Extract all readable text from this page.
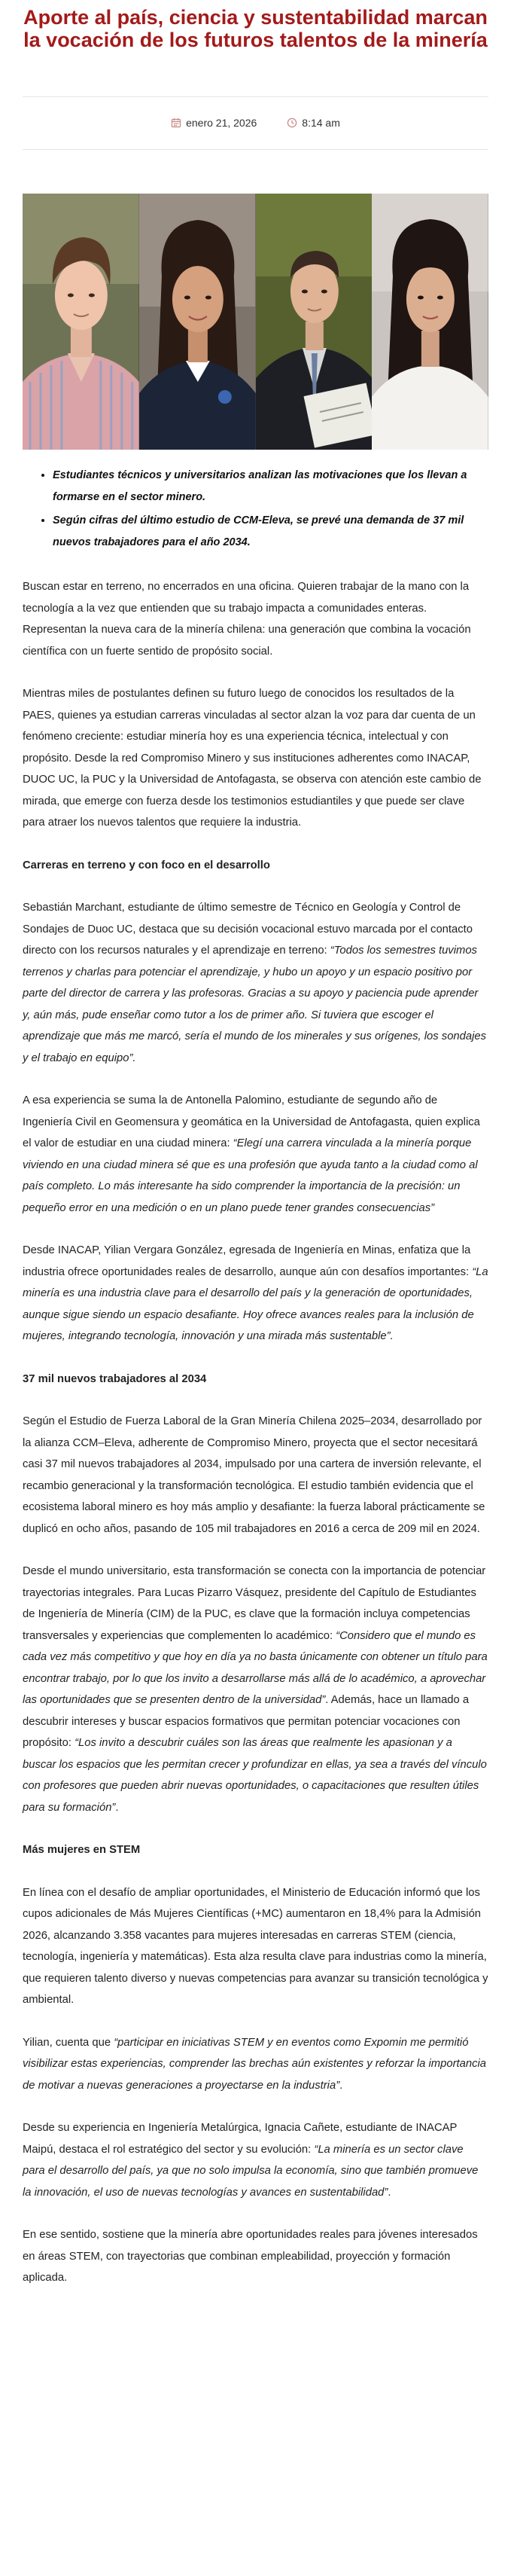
Aporte al país, ciencia y sustentabilidad marcan la vocación de los futuros talentos de la minería
enero 21, 2026	8:14 am
• Estudiantes técnicos y universitarios analizan las motivaciones que los llevan a formarse en el sector minero.
• Según cifras del último estudio de CCM-Eleva, se prevé una demanda de 37 mil nuevos trabajadores para el año 2034.

Buscan estar en terreno, no encerrados en una oficina. Quieren trabajar de la mano con la tecnología a la vez que entienden que su trabajo impacta a comunidades enteras. Representan la nueva cara de la minería chilena: una generación que combina la vocación científica con un fuerte sentido de propósito social.

Mientras miles de postulantes definen su futuro luego de conocidos los resultados de la PAES, quienes ya estudian carreras vinculadas al sector alzan la voz para dar cuenta de un fenómeno creciente: estudiar minería hoy es una experiencia técnica, intelectual y con propósito. Desde la red Compromiso Minero y sus instituciones adherentes como INACAP, DUOC UC, la PUC y la Universidad de Antofagasta, se observa con atención este cambio de mirada, que emerge con fuerza desde los testimonios estudiantiles y que puede ser clave para atraer los nuevos talentos que requiere la industria.

Carreras en terreno y con foco en el desarrollo

Sebastián Marchant, estudiante de último semestre de Técnico en Geología y Control de Sondajes de Duoc UC, destaca que su decisión vocacional estuvo marcada por el contacto directo con los recursos naturales y el aprendizaje en terreno: “Todos los semestres tuvimos terrenos y charlas para potenciar el aprendizaje, y hubo un apoyo y un espacio positivo por parte del director de carrera y las profesoras. Gracias a su apoyo y paciencia pude aprender y, aún más, pude enseñar como tutor a los de primer año. Si tuviera que escoger el aprendizaje que más me marcó, sería el mundo de los minerales y sus orígenes, los sondajes y el trabajo en equipo”.

A esa experiencia se suma la de Antonella Palomino, estudiante de segundo año de Ingeniería Civil en Geomensura y geomática en la Universidad de Antofagasta, quien explica el valor de estudiar en una ciudad minera: “Elegí una carrera vinculada a la minería porque viviendo en una ciudad minera sé que es una profesión que ayuda tanto a la ciudad como al país completo. Lo más interesante ha sido comprender la importancia de la precisión: un pequeño error en una medición o en un plano puede tener grandes consecuencias”

Desde INACAP, Yilian Vergara González, egresada de Ingeniería en Minas, enfatiza que la industria ofrece oportunidades reales de desarrollo, aunque aún con desafíos importantes: “La minería es una industria clave para el desarrollo del país y la generación de oportunidades, aunque sigue siendo un espacio desafiante. Hoy ofrece avances reales para la inclusión de mujeres, integrando tecnología, innovación y una mirada más sustentable”.

37 mil nuevos trabajadores al 2034

Según el Estudio de Fuerza Laboral de la Gran Minería Chilena 2025–2034, desarrollado por la alianza CCM–Eleva, adherente de Compromiso Minero, proyecta que el sector necesitará casi 37 mil nuevos trabajadores al 2034, impulsado por una cartera de inversión relevante, el recambio generacional y la transformación tecnológica. El estudio también evidencia que el ecosistema laboral minero es hoy más amplio y desafiante: la fuerza laboral prácticamente se duplicó en ocho años, pasando de 105 mil trabajadores en 2016 a cerca de 209 mil en 2024.

Desde el mundo universitario, esta transformación se conecta con la importancia de potenciar trayectorias integrales. Para Lucas Pizarro Vásquez, presidente del Capítulo de Estudiantes de Ingeniería de Minería (CIM) de la PUC, es clave que la formación incluya competencias transversales y experiencias que complementen lo académico: “Considero que el mundo es cada vez más competitivo y que hoy en día ya no basta únicamente con obtener un título para encontrar trabajo, por lo que los invito a desarrollarse más allá de lo académico, a aprovechar las oportunidades que se presenten dentro de la universidad”. Además, hace un llamado a descubrir intereses y buscar espacios formativos que permitan potenciar vocaciones con propósito: “Los invito a descubrir cuáles son las áreas que realmente les apasionan y a buscar los espacios que les permitan crecer y profundizar en ellas, ya sea a través del vínculo con profesores que pueden abrir nuevas oportunidades, o capacitaciones que resulten útiles para su formación”.

Más mujeres en STEM

En línea con el desafío de ampliar oportunidades, el Ministerio de Educación informó que los cupos adicionales de Más Mujeres Científicas (+MC) aumentaron en 18,4% para la Admisión 2026, alcanzando 3.358 vacantes para mujeres interesadas en carreras STEM (ciencia, tecnología, ingeniería y matemáticas). Esta alza resulta clave para industrias como la minería, que requieren talento diverso y nuevas competencias para avanzar su transición tecnológica y ambiental.

Yilian, cuenta que “participar en iniciativas STEM y en eventos como Expomin me permitió visibilizar estas experiencias, comprender las brechas aún existentes y reforzar la importancia de motivar a nuevas generaciones a proyectarse en la industria”.

Desde su experiencia en Ingeniería Metalúrgica, Ignacia Cañete, estudiante de INACAP Maipú, destaca el rol estratégico del sector y su evolución: “La minería es un sector clave para el desarrollo del país, ya que no solo impulsa la economía, sino que también promueve la innovación, el uso de nuevas tecnologías y avances en sustentabilidad”.

En ese sentido, sostiene que la minería abre oportunidades reales para jóvenes interesados en áreas STEM, con trayectorias que combinan empleabilidad, proyección y formación aplicada.
